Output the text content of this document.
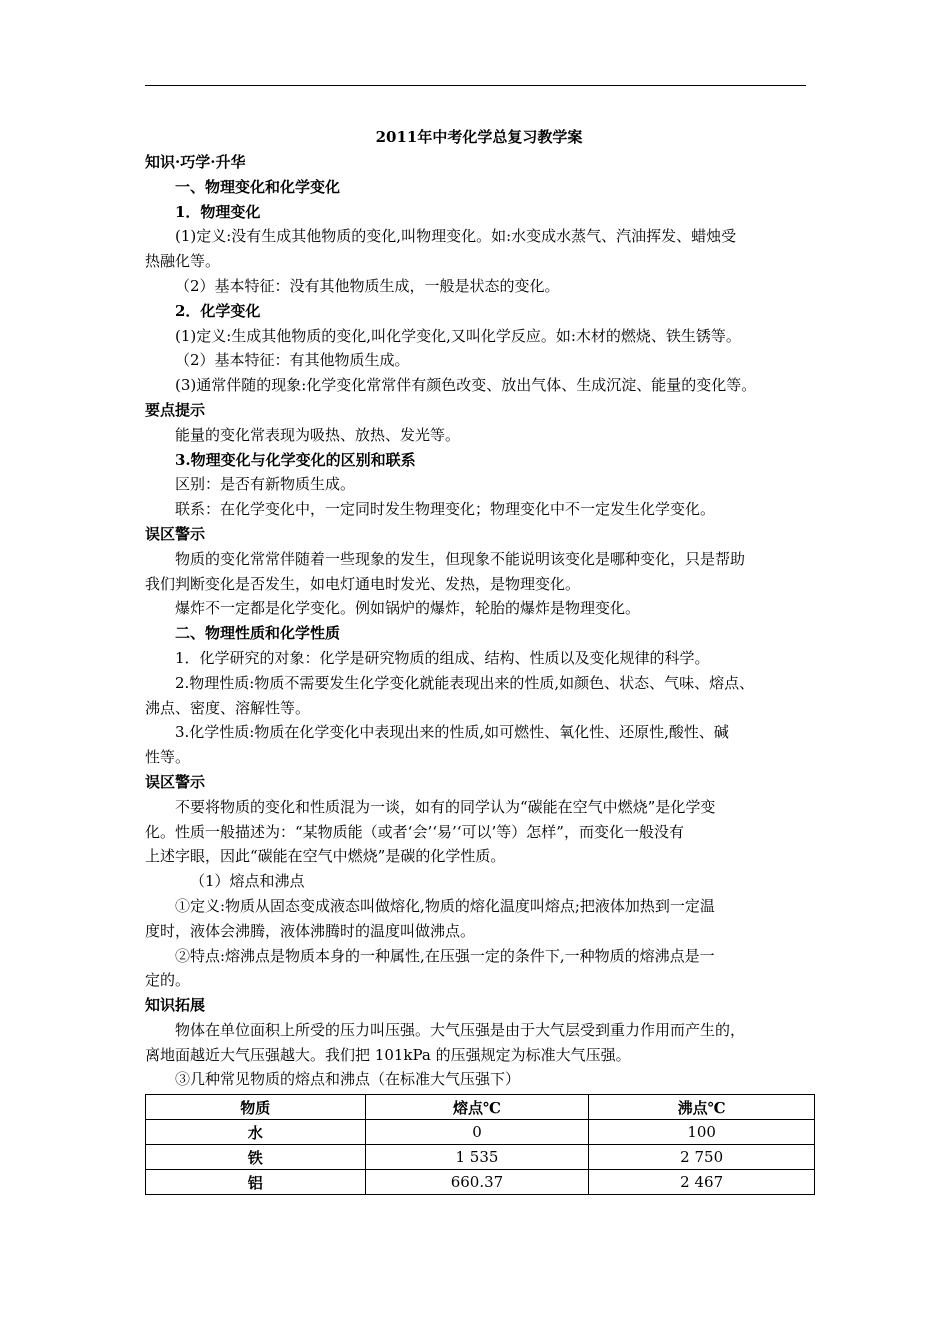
2011年中考化学总复习教学案

知识·巧学·升华

一、物理变化和化学变化

1．物理变化

(1)定义:没有生成其他物质的变化,叫物理变化。如:水变成水蒸气、汽油挥发、蜡烛受

热融化等。

（2）基本特征：没有其他物质生成，一般是状态的变化。

2．化学变化

(1)定义:生成其他物质的变化,叫化学变化,又叫化学反应。如:木材的燃烧、铁生锈等。

（2）基本特征：有其他物质生成。

(3)通常伴随的现象:化学变化常常伴有颜色改变、放出气体、生成沉淀、能量的变化等。

要点提示

能量的变化常表现为吸热、放热、发光等。

3.物理变化与化学变化的区别和联系

区别：是否有新物质生成。

联系：在化学变化中，一定同时发生物理变化；物理变化中不一定发生化学变化。

误区警示

物质的变化常常伴随着一些现象的发生，但现象不能说明该变化是哪种变化，只是帮助

我们判断变化是否发生，如电灯通电时发光、发热，是物理变化。

爆炸不一定都是化学变化。例如锅炉的爆炸，轮胎的爆炸是物理变化。

二、物理性质和化学性质

1．化学研究的对象：化学是研究物质的组成、结构、性质以及变化规律的科学。

2.物理性质:物质不需要发生化学变化就能表现出来的性质,如颜色、状态、气味、熔点、

沸点、密度、溶解性等。

3.化学性质:物质在化学变化中表现出来的性质,如可燃性、氧化性、还原性,酸性、碱

性等。

误区警示

不要将物质的变化和性质混为一谈，如有的同学认为“碳能在空气中燃烧”是化学变

化。性质一般描述为：“某物质能（或者‘会’‘易’‘可以’等）怎样”，而变化一般没有

上述字眼，因此“碳能在空气中燃烧”是碳的化学性质。

（1）熔点和沸点

①定义:物质从固态变成液态叫做熔化,物质的熔化温度叫熔点;把液体加热到一定温

度时，液体会沸腾，液体沸腾时的温度叫做沸点。

②特点:熔沸点是物质本身的一种属性,在压强一定的条件下,一种物质的熔沸点是一

定的。

知识拓展

物体在单位面积上所受的压力叫压强。大气压强是由于大气层受到重力作用而产生的，

离地面越近大气压强越大。我们把 101kPa 的压强规定为标准大气压强。

③几种常见物质的熔点和沸点（在标准大气压强下）

物质	熔点℃	沸点℃
水	0	100
铁	1 535	2 750
铝	660.37	2 467
